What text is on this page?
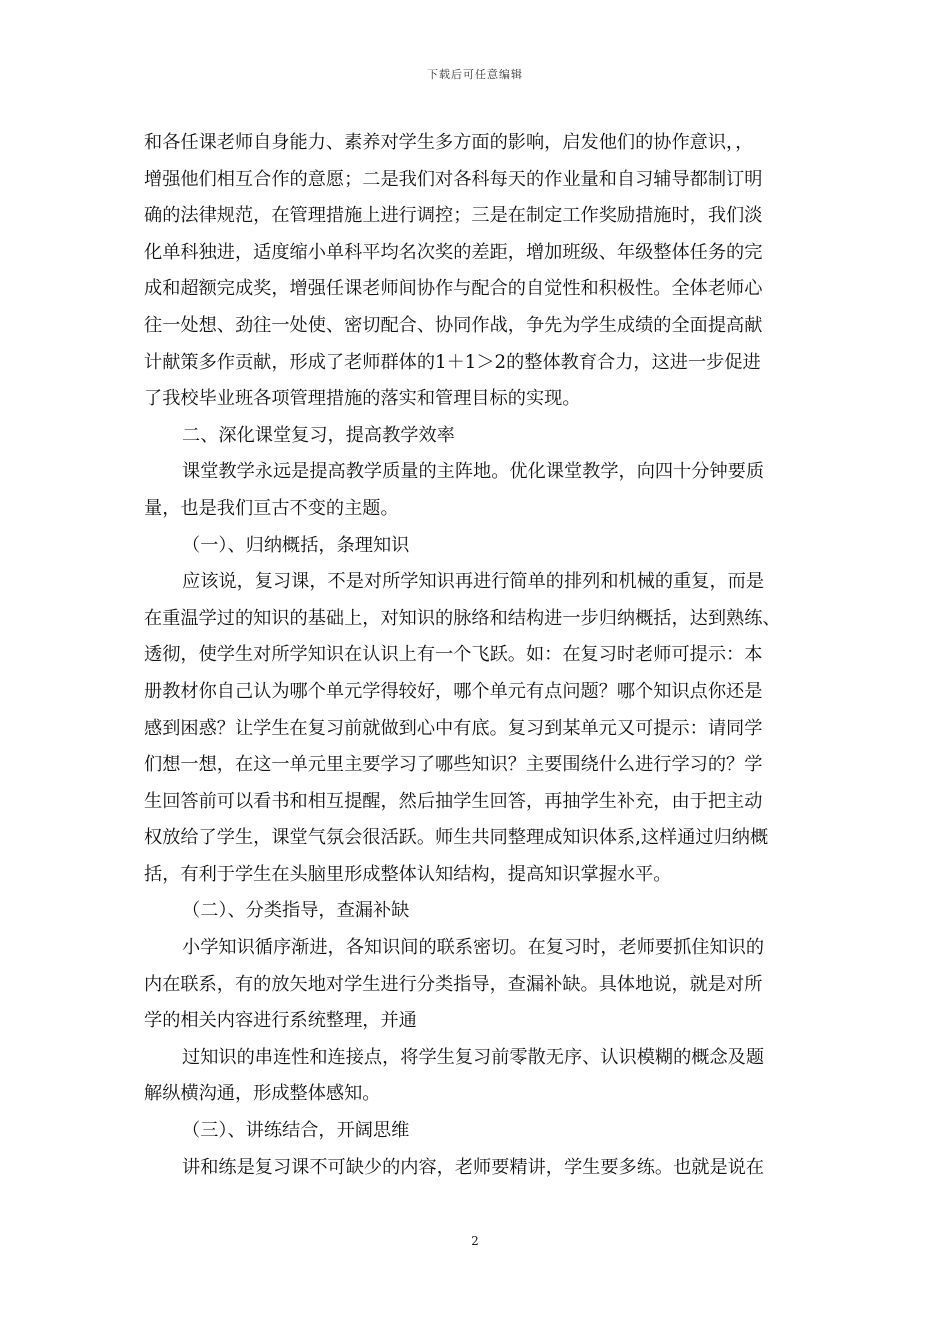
下载后可任意编辑
和各任课老师自身能力、素养对学生多方面的影响，启发他们的协作意识，，
增强他们相互合作的意愿；二是我们对各科每天的作业量和自习辅导都制订明
确的法律规范，在管理措施上进行调控；三是在制定工作奖励措施时，我们淡
化单科独进，适度缩小单科平均名次奖的差距，增加班级、年级整体任务的完
成和超额完成奖，增强任课老师间协作与配合的自觉性和积极性。全体老师心
往一处想、劲往一处使、密切配合、协同作战，争先为学生成绩的全面提高献
计献策多作贡献，形成了老师群体的1＋1＞2的整体教育合力，这进一步促进
了我校毕业班各项管理措施的落实和管理目标的实现。
二、深化课堂复习，提高教学效率
课堂教学永远是提高教学质量的主阵地。优化课堂教学，向四十分钟要质
量，也是我们亘古不变的主题。
（一）、归纳概括，条理知识
应该说，复习课，不是对所学知识再进行简单的排列和机械的重复，而是
在重温学过的知识的基础上，对知识的脉络和结构进一步归纳概括，达到熟练、
透彻，使学生对所学知识在认识上有一个飞跃。如：在复习时老师可提示：本
册教材你自己认为哪个单元学得较好，哪个单元有点问题？哪个知识点你还是
感到困惑？让学生在复习前就做到心中有底。复习到某单元又可提示：请同学
们想一想，在这一单元里主要学习了哪些知识？主要围绕什么进行学习的？学
生回答前可以看书和相互提醒，然后抽学生回答，再抽学生补充，由于把主动
权放给了学生，课堂气氛会很活跃。师生共同整理成知识体系,这样通过归纳概
括，有利于学生在头脑里形成整体认知结构，提高知识掌握水平。
（二）、分类指导，查漏补缺
小学知识循序渐进，各知识间的联系密切。在复习时，老师要抓住知识的
内在联系，有的放矢地对学生进行分类指导，查漏补缺。具体地说，就是对所
学的相关内容进行系统整理，并通
过知识的串连性和连接点，将学生复习前零散无序、认识模糊的概念及题
解纵横沟通，形成整体感知。
（三）、讲练结合，开阔思维
讲和练是复习课不可缺少的内容，老师要精讲，学生要多练。也就是说在
2
